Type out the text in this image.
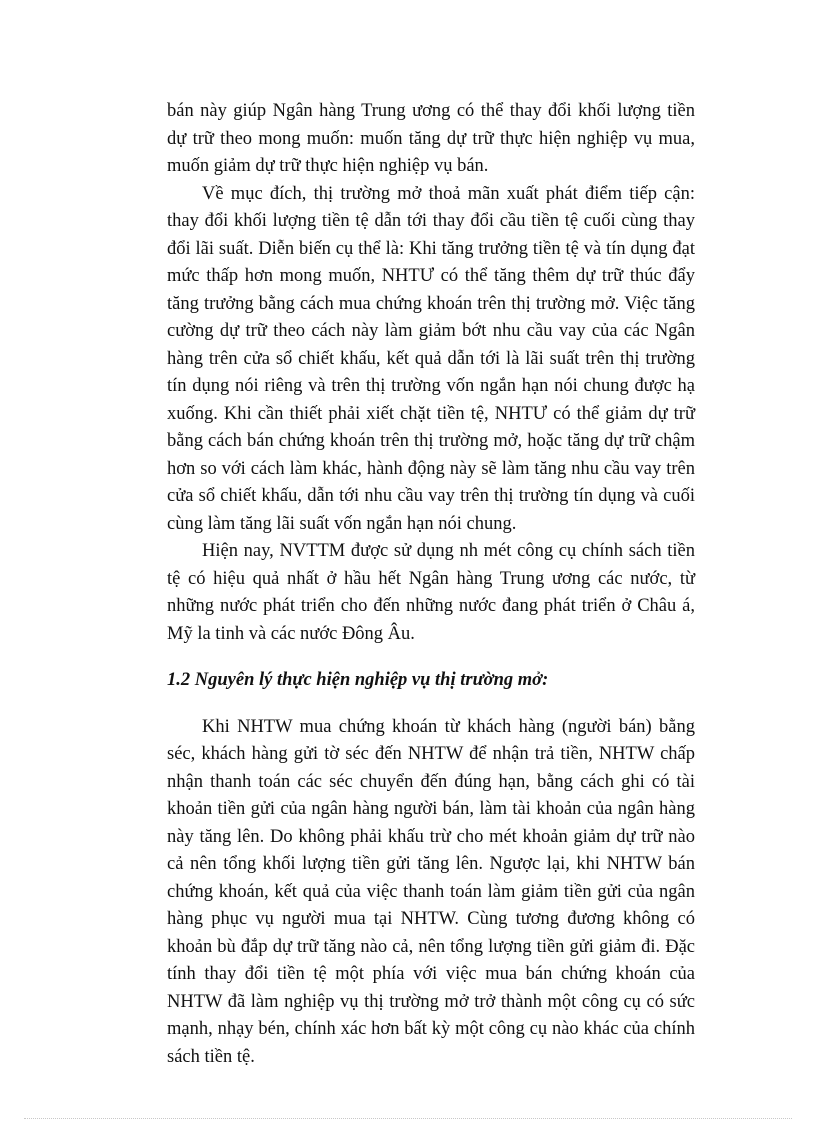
bán này giúp Ngân hàng Trung ương có thể thay đổi khối lượng tiền dự trữ theo mong muốn: muốn tăng dự trữ thực hiện nghiệp vụ mua, muốn giảm dự trữ thực hiện nghiệp vụ bán.

Về mục đích, thị trường mở thoả mãn xuất phát điểm tiếp cận: thay đổi khối lượng tiền tệ dẫn tới thay đổi cầu tiền tệ cuối cùng thay đổi lãi suất. Diễn biến cụ thể là: Khi tăng trưởng tiền tệ và tín dụng đạt mức thấp hơn mong muốn, NHTƯ có thể tăng thêm dự trữ thúc đẩy tăng trưởng bằng cách mua chứng khoán trên thị trường mở. Việc tăng cường dự trữ theo cách này làm giảm bớt nhu cầu vay của các Ngân hàng trên cửa sổ chiết khấu, kết quả dẫn tới là lãi suất trên thị trường tín dụng nói riêng và trên thị trường vốn ngắn hạn nói chung được hạ xuống. Khi cần thiết phải xiết chặt tiền tệ, NHTƯ có thể giảm dự trữ bằng cách bán chứng khoán trên thị trường mở, hoặc tăng dự trữ chậm hơn so với cách làm khác, hành động này sẽ làm tăng nhu cầu vay trên cửa sổ chiết khấu, dẫn tới nhu cầu vay trên thị trường tín dụng và cuối cùng làm tăng lãi suất vốn ngắn hạn nói chung.

Hiện nay, NVTTM được sử dụng nh mét công cụ chính sách tiền tệ có hiệu quả nhất ở hầu hết Ngân hàng Trung ương các nước, từ những nước phát triển cho đến những nước đang phát triển ở Châu á, Mỹ la tinh và các nước Đông Âu.

1.2 Nguyên lý thực hiện nghiệp vụ thị trường mở:

Khi NHTW mua chứng khoán từ khách hàng (người bán) bằng séc, khách hàng gửi tờ séc đến NHTW để nhận trả tiền, NHTW chấp nhận thanh toán các séc chuyển đến đúng hạn, bằng cách ghi có tài khoản tiền gửi của ngân hàng người bán, làm tài khoản của ngân hàng này tăng lên. Do không phải khấu trừ cho mét khoản giảm dự trữ nào cả nên tổng khối lượng tiền gửi tăng lên. Ngược lại, khi NHTW bán chứng khoán, kết quả của việc thanh toán làm giảm tiền gửi của ngân hàng phục vụ người mua tại NHTW. Cùng tương đương không có khoản bù đắp dự trữ tăng nào cả, nên tổng lượng tiền gửi giảm đi. Đặc tính thay đổi tiền tệ một phía với việc mua bán chứng khoán của NHTW đã làm nghiệp vụ thị trường mở trở thành một công cụ có sức mạnh, nhạy bén, chính xác hơn bất kỳ một công cụ nào khác của chính sách tiền tệ.
